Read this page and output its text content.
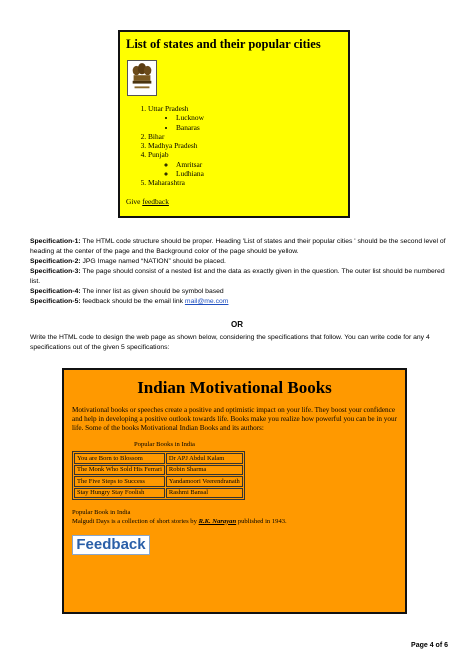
List of states and their popular cities
1. Uttar Pradesh
• Lucknow
• Banaras
2. Bihar
3. Madhya Pradesh
4. Punjab
◦ Amritsar
◦ Ludhiana
5. Maharashtra
Give feedback
Specification-1: The HTML code structure should be proper. Heading 'List of states and their popular cities ' should be the second level of heading at the center of the page and the Background color of the page should be yellow.
Specification-2: JPG Image named “NATION” should be placed.
Specification-3: The page should consist of a nested list and the data as exactly given in the question. The outer list should be numbered list.
Specification-4: The inner list as given should be symbol based
Specification-5: feedback should be the email link mail@me.com
OR
Write the HTML code to design the web page as shown below, considering the specifications that follow. You can write code for any 4 specifications out of the given 5 specifications:
Indian Motivational Books
Motivational books or speeches create a positive and optimistic impact on your life. They boost your confidence and help in developing a positive outlook towards life. Books make you realize how powerful you can be in your life. Some of the books Motivational Indian Books and its authors:
Popular Books in India
You are Born to Blossom	Dr APJ Abdul Kalam
The Monk Who Sold His Ferrari	Robin Sharma
The Five Steps to Success	Yandamoori Veerendranath
Stay Hungry Stay Foolish	Rashmi Bansal
Popular Book in India
Malgudi Days is a collection of short stories by R.K. Narayan published in 1943.
Feedback
Page 4 of 6
